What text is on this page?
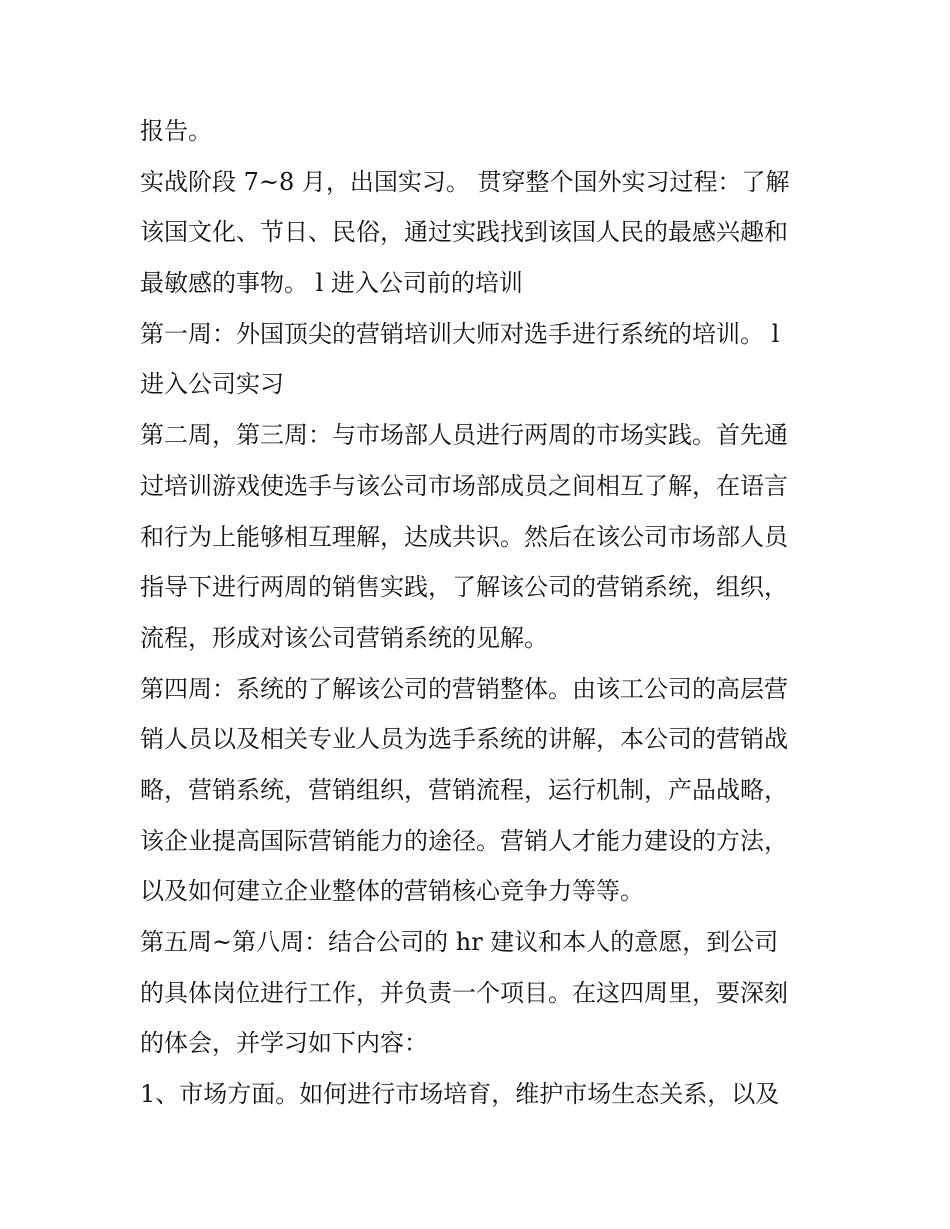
报告。
实战阶段 7~8 月，出国实习。 贯穿整个国外实习过程：了解
该国文化、节日、民俗，通过实践找到该国人民的最感兴趣和
最敏感的事物。 l 进入公司前的培训
第一周：外国顶尖的营销培训大师对选手进行系统的培训。 l
进入公司实习
第二周，第三周：与市场部人员进行两周的市场实践。首先通
过培训游戏使选手与该公司市场部成员之间相互了解，在语言
和行为上能够相互理解，达成共识。然后在该公司市场部人员
指导下进行两周的销售实践，了解该公司的营销系统，组织，
流程，形成对该公司营销系统的见解。
第四周：系统的了解该公司的营销整体。由该工公司的高层营
销人员以及相关专业人员为选手系统的讲解，本公司的营销战
略，营销系统，营销组织，营销流程，运行机制，产品战略，
该企业提高国际营销能力的途径。营销人才能力建设的方法，
以及如何建立企业整体的营销核心竞争力等等。
第五周~第八周：结合公司的 hr 建议和本人的意愿，到公司
的具体岗位进行工作，并负责一个项目。在这四周里，要深刻
的体会，并学习如下内容：
1、市场方面。如何进行市场培育，维护市场生态关系，以及
